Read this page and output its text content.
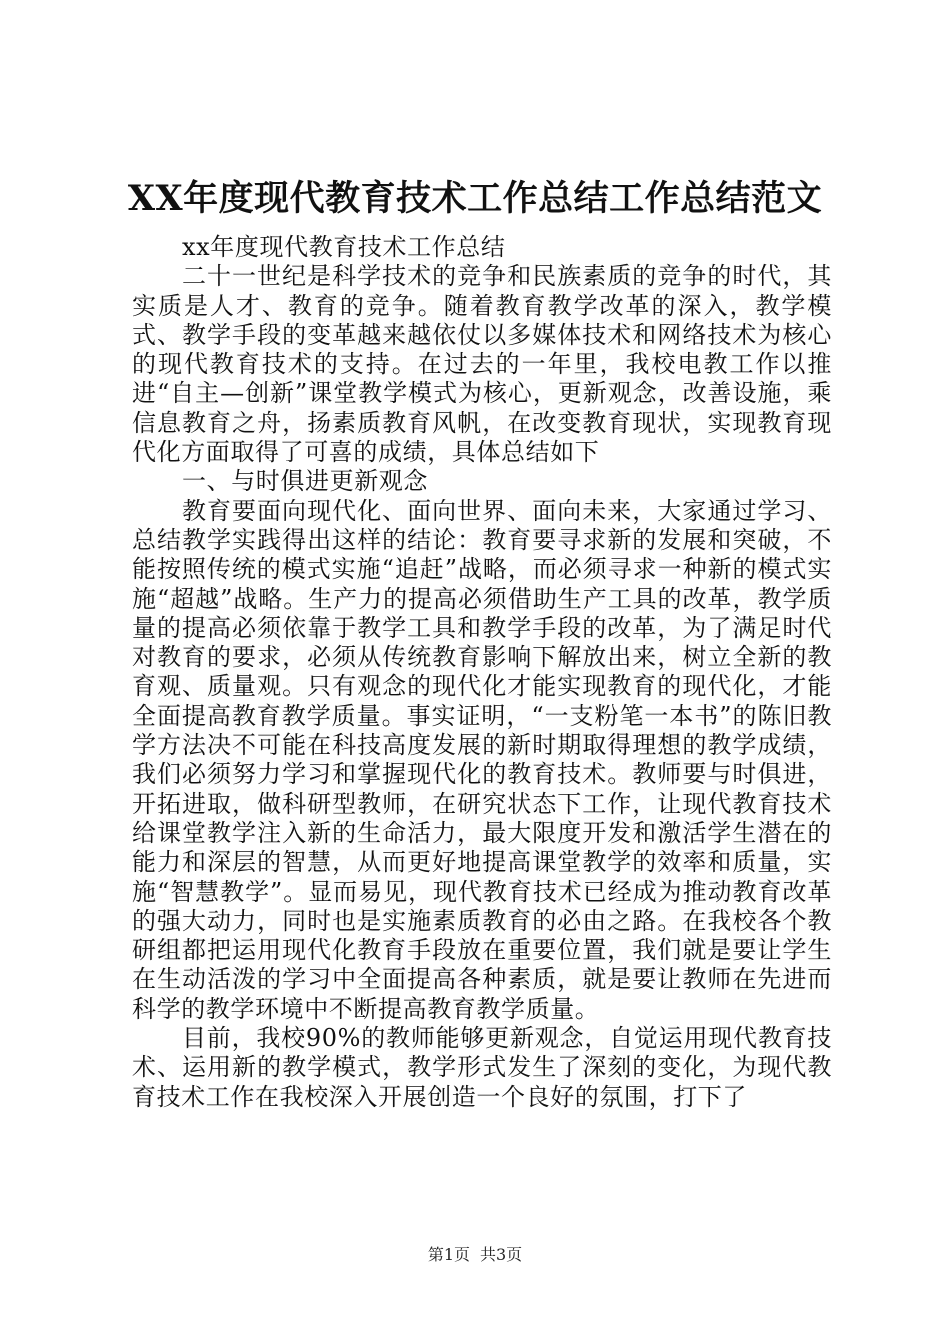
XX年度现代教育技术工作总结工作总结范文

xx年度现代教育技术工作总结

二十一世纪是科学技术的竞争和民族素质的竞争的时代，其实质是人才、教育的竞争。随着教育教学改革的深入，教学模式、教学手段的变革越来越依仗以多媒体技术和网络技术为核心的现代教育技术的支持。在过去的一年里，我校电教工作以推进“自主—创新”课堂教学模式为核心，更新观念，改善设施，乘信息教育之舟，扬素质教育风帆，在改变教育现状，实现教育现代化方面取得了可喜的成绩，具体总结如下

一、与时俱进更新观念

教育要面向现代化、面向世界、面向未来，大家通过学习、总结教学实践得出这样的结论：教育要寻求新的发展和突破，不能按照传统的模式实施“追赶”战略，而必须寻求一种新的模式实施“超越”战略。生产力的提高必须借助生产工具的改革，教学质量的提高必须依靠于教学工具和教学手段的改革，为了满足时代对教育的要求，必须从传统教育影响下解放出来，树立全新的教育观、质量观。只有观念的现代化才能实现教育的现代化，才能全面提高教育教学质量。事实证明，“一支粉笔一本书”的陈旧教学方法决不可能在科技高度发展的新时期取得理想的教学成绩，我们必须努力学习和掌握现代化的教育技术。教师要与时俱进，开拓进取，做科研型教师，在研究状态下工作，让现代教育技术给课堂教学注入新的生命活力，最大限度开发和激活学生潜在的能力和深层的智慧，从而更好地提高课堂教学的效率和质量，实施“智慧教学”。显而易见，现代教育技术已经成为推动教育改革的强大动力，同时也是实施素质教育的必由之路。在我校各个教研组都把运用现代化教育手段放在重要位置，我们就是要让学生在生动活泼的学习中全面提高各种素质，就是要让教师在先进而科学的教学环境中不断提高教育教学质量。

目前，我校90%的教师能够更新观念，自觉运用现代教育技术、运用新的教学模式，教学形式发生了深刻的变化，为现代教育技术工作在我校深入开展创造一个良好的氛围，打下了

第1页 共3页
